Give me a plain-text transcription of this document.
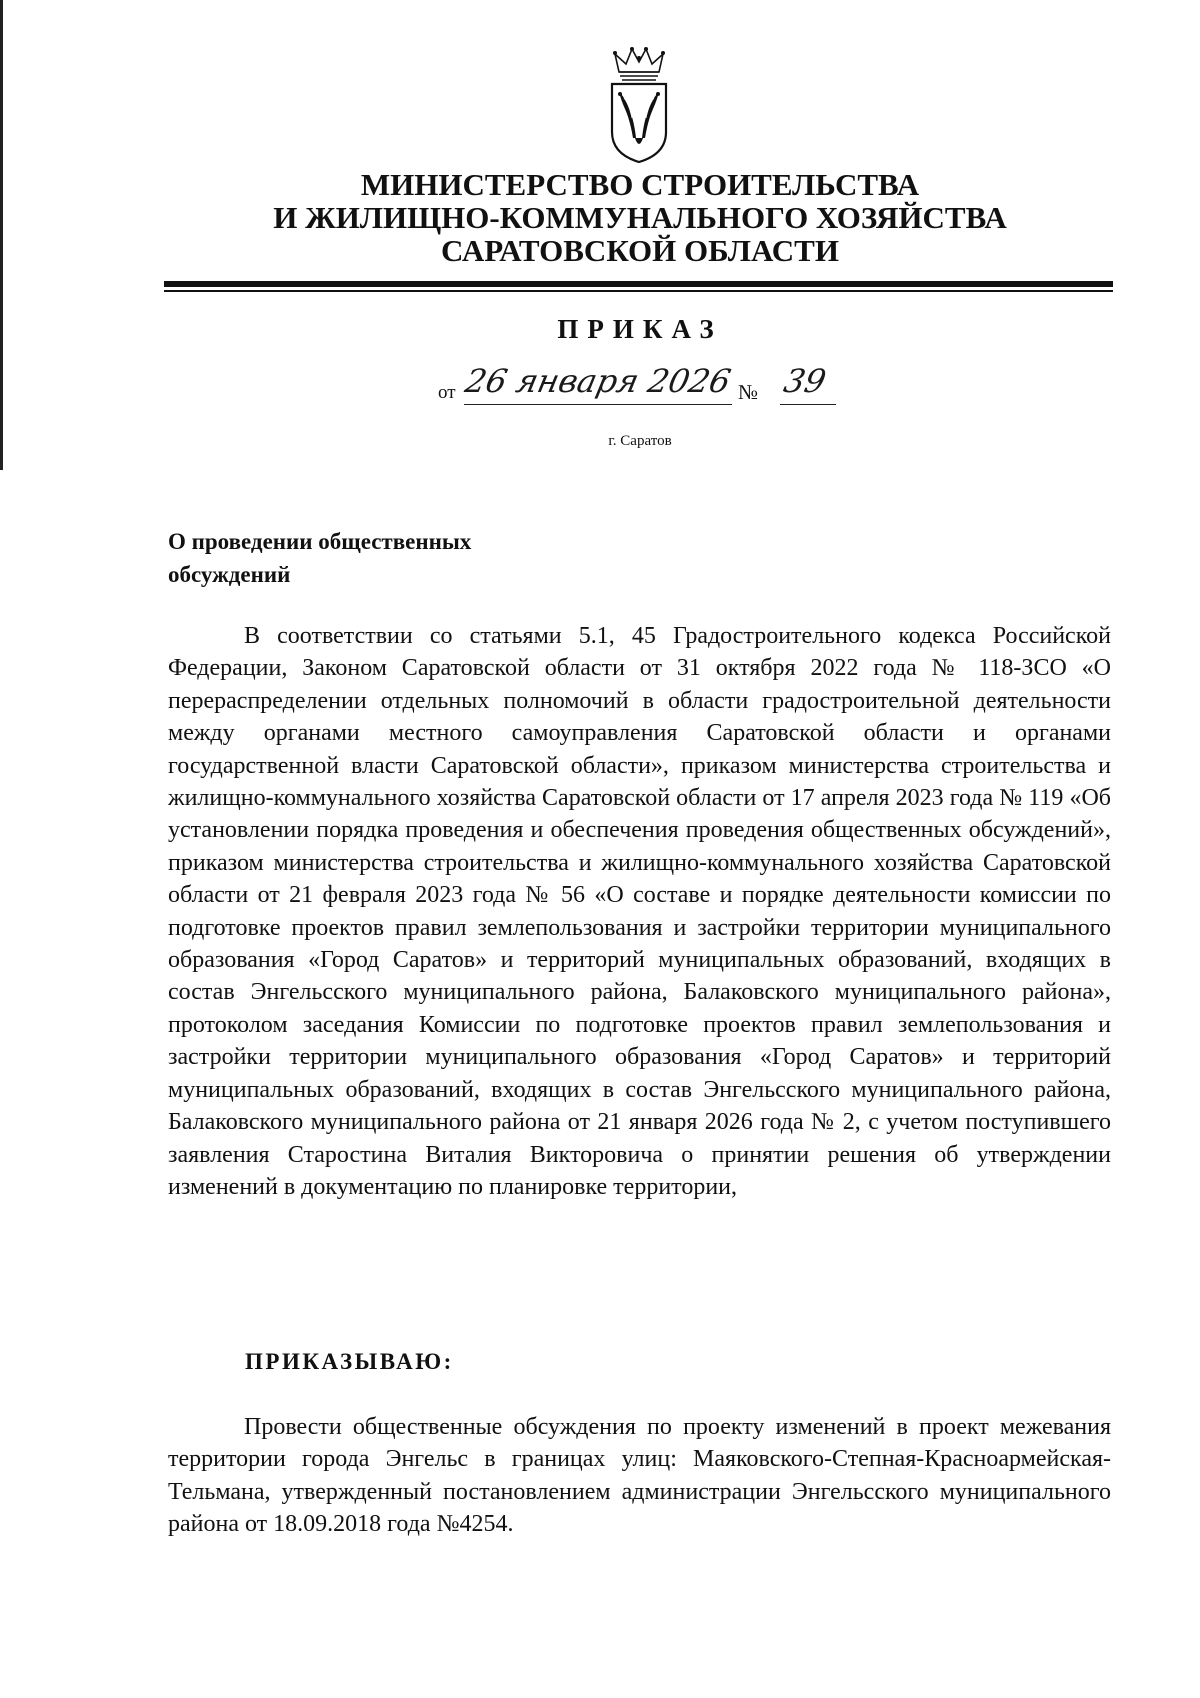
МИНИСТЕРСТВО СТРОИТЕЛЬСТВА
И ЖИЛИЩНО-КОММУНАЛЬНОГО ХОЗЯЙСТВА
САРАТОВСКОЙ ОБЛАСТИ
ПРИКАЗ
от 26 января 2026 № 39
г. Саратов
О проведении общественных
обсуждений

В соответствии со статьями 5.1, 45 Градостроительного кодекса Российской Федерации, Законом Саратовской области от 31 октября 2022 года № 118-ЗСО «О перераспределении отдельных полномочий в области градостроительной деятельности между органами местного самоуправления Саратовской области и органами государственной власти Саратовской области», приказом министерства строительства и жилищно-коммунального хозяйства Саратовской области от 17 апреля 2023 года № 119 «Об установлении порядка проведения и обеспечения проведения общественных обсуждений», приказом министерства строительства и жилищно-коммунального хозяйства Саратовской области от 21 февраля 2023 года № 56 «О составе и порядке деятельности комиссии по подготовке проектов правил землепользования и застройки территории муниципального образования «Город Саратов» и территорий муниципальных образований, входящих в состав Энгельсского муниципального района, Балаковского муниципального района», протоколом заседания Комиссии по подготовке проектов правил землепользования и застройки территории муниципального образования «Город Саратов» и территорий муниципальных образований, входящих в состав Энгельсского муниципального района, Балаковского муниципального района от 21 января 2026 года № 2, с учетом поступившего заявления Старостина Виталия Викторовича о принятии решения об утверждении изменений в документацию по планировке территории,

ПРИКАЗЫВАЮ:

Провести общественные обсуждения по проекту изменений в проект межевания территории города Энгельс в границах улиц: Маяковского-Степная-Красноармейская-Тельмана, утвержденный постановлением администрации Энгельсского муниципального района от 18.09.2018 года №4254.
